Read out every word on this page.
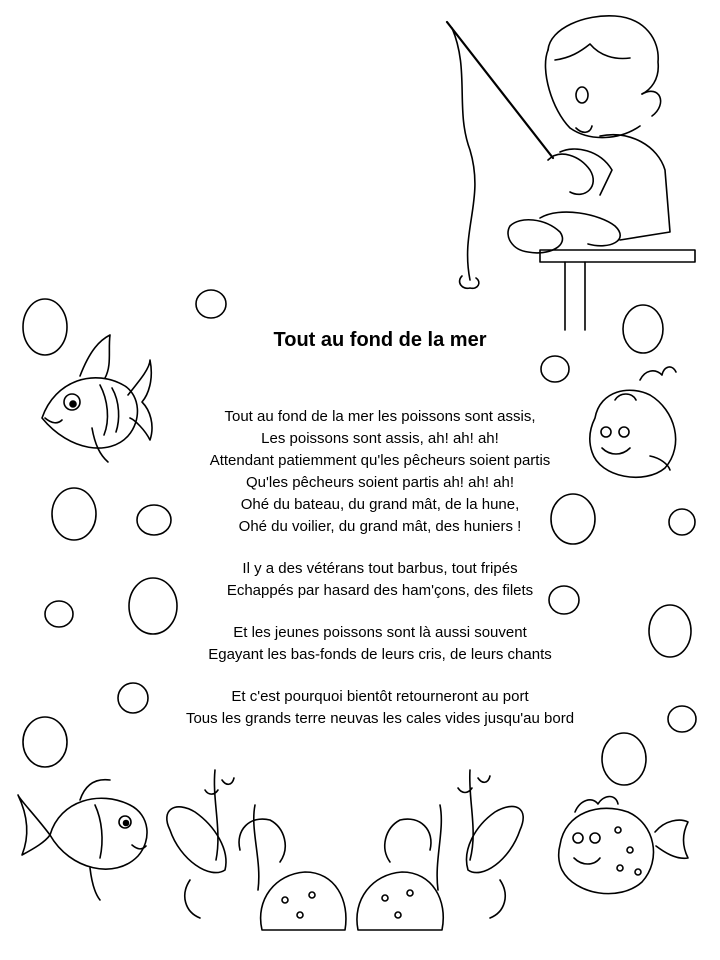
Tout au fond de la mer
Tout au fond de la mer les poissons sont assis,
Les poissons sont assis, ah! ah! ah!
Attendant patiemment qu'les pêcheurs soient partis
Qu'les pêcheurs soient partis ah! ah! ah!
Ohé du bateau, du grand mât, de la hune,
Ohé du voilier, du grand mât, des huniers !
Il y a des vétérans tout barbus, tout fripés
Echappés par hasard des ham'çons, des filets
Et les jeunes poissons sont là aussi souvent
Egayant les bas-fonds de leurs cris, de leurs chants
Et c'est pourquoi bientôt retourneront au port
Tous les grands terre neuvas les cales vides jusqu'au bord
